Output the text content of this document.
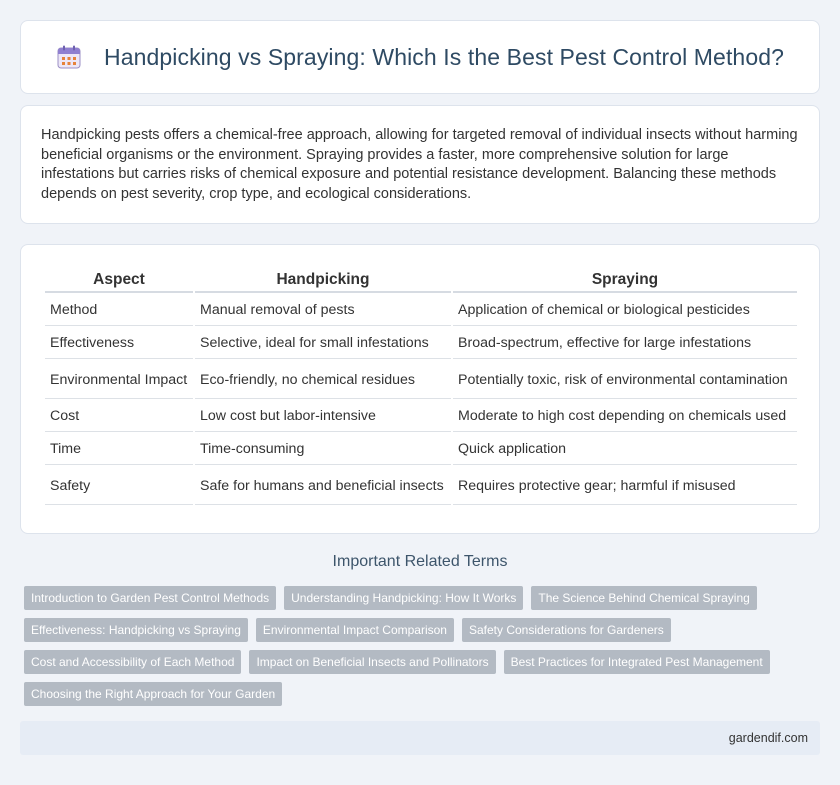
Handpicking vs Spraying: Which Is the Best Pest Control Method?

Handpicking pests offers a chemical-free approach, allowing for targeted removal of individual insects without harming beneficial organisms or the environment. Spraying provides a faster, more comprehensive solution for large infestations but carries risks of chemical exposure and potential resistance development. Balancing these methods depends on pest severity, crop type, and ecological considerations.

Aspect	Handpicking	Spraying
Method	Manual removal of pests	Application of chemical or biological pesticides
Effectiveness	Selective, ideal for small infestations	Broad-spectrum, effective for large infestations
Environmental Impact	Eco-friendly, no chemical residues	Potentially toxic, risk of environmental contamination
Cost	Low cost but labor-intensive	Moderate to high cost depending on chemicals used
Time	Time-consuming	Quick application
Safety	Safe for humans and beneficial insects	Requires protective gear; harmful if misused
Important Related Terms
Introduction to Garden Pest Control Methods	Understanding Handpicking: How It Works	The Science Behind Chemical Spraying
Effectiveness: Handpicking vs Spraying	Environmental Impact Comparison	Safety Considerations for Gardeners
Cost and Accessibility of Each Method	Impact on Beneficial Insects and Pollinators	Best Practices for Integrated Pest Management
Choosing the Right Approach for Your Garden
gardendif.com
